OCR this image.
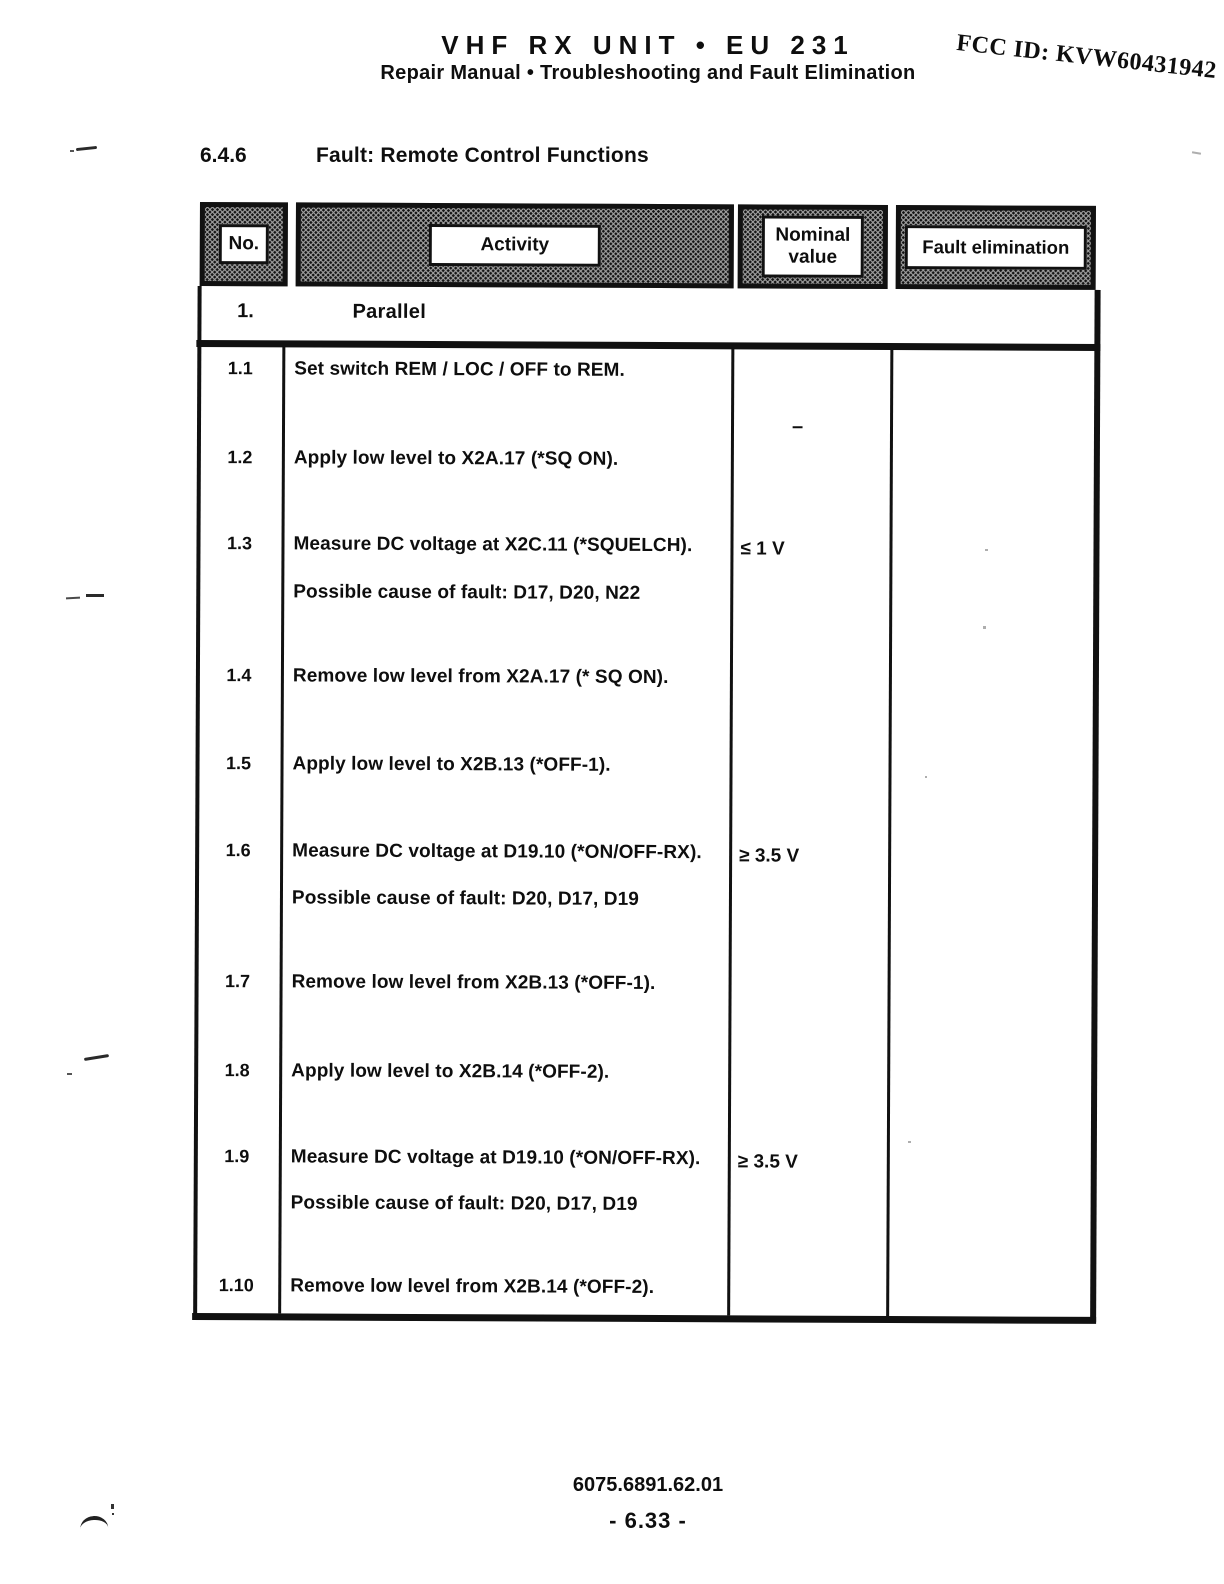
VHF RX UNIT • EU 231	FCC ID: KVW60431942
Repair Manual • Troubleshooting and Fault Elimination
6.4.6	Fault: Remote Control Functions
No.	Activity	Nominal value	Fault elimination
1.	Parallel
1.1	Set switch REM / LOC / OFF to REM.
–
1.2	Apply low level to X2A.17 (*SQ ON).
1.3	Measure DC voltage at X2C.11 (*SQUELCH).	≤ 1 V
Possible cause of fault: D17, D20, N22
1.4	Remove low level from X2A.17 (* SQ ON).
1.5	Apply low level to X2B.13 (*OFF-1).
1.6	Measure DC voltage at D19.10 (*ON/OFF-RX).	≥ 3.5 V
Possible cause of fault: D20, D17, D19
1.7	Remove low level from X2B.13 (*OFF-1).
1.8	Apply low level to X2B.14 (*OFF-2).
1.9	Measure DC voltage at D19.10 (*ON/OFF-RX).	≥ 3.5 V
Possible cause of fault: D20, D17, D19
1.10	Remove low level from X2B.14 (*OFF-2).
6075.6891.62.01
- 6.33 -
